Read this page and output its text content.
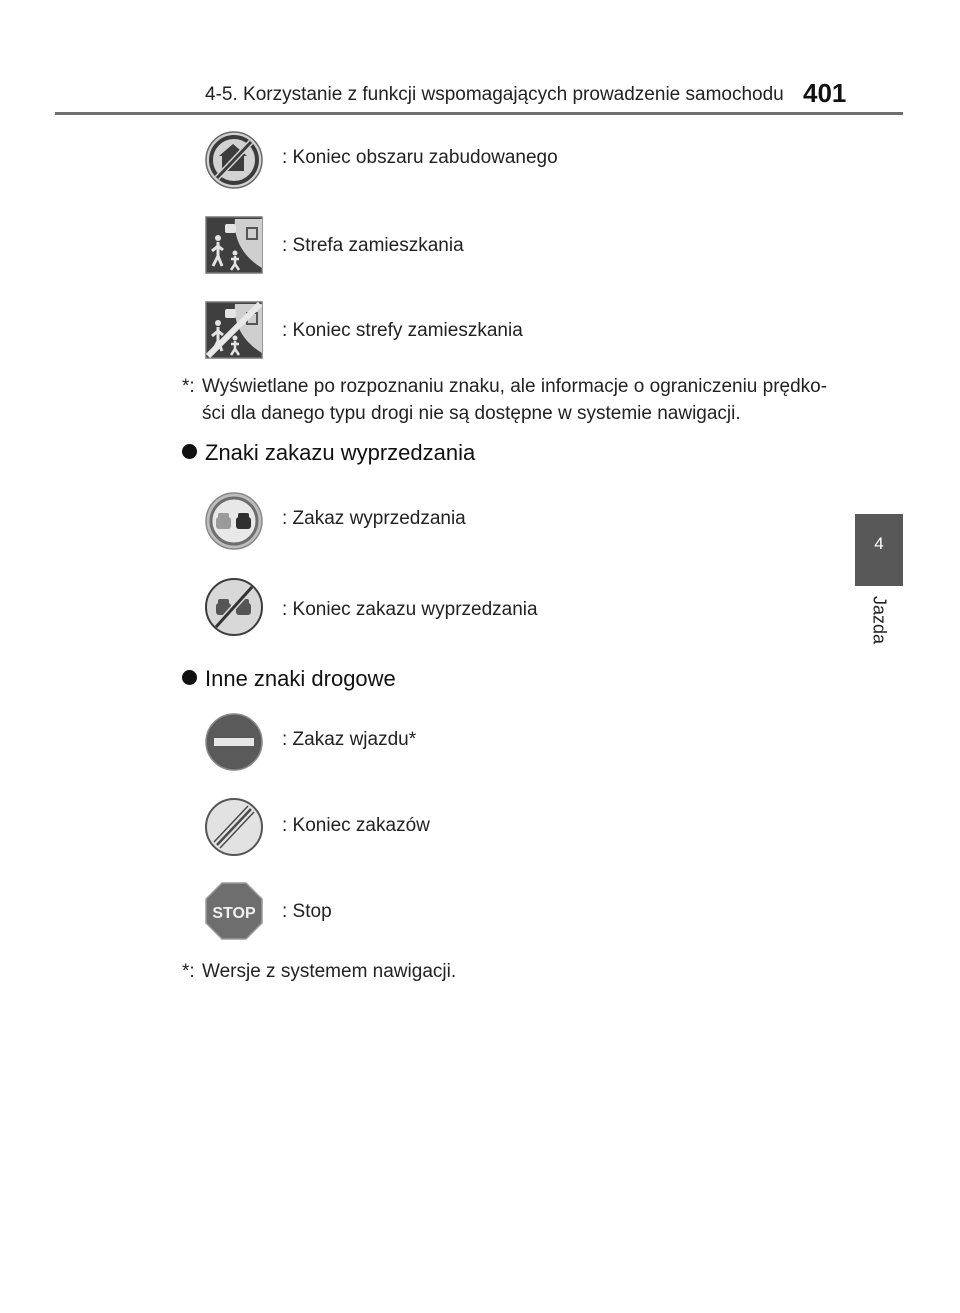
4-5. Korzystanie z funkcji wspomagających prowadzenie samochodu 401
4
Jazda
: Koniec obszaru zabudowanego
: Strefa zamieszkania
: Koniec strefy zamieszkania
*: Wyświetlane po rozpoznaniu znaku, ale informacje o ograniczeniu prędko-
ści dla danego typu drogi nie są dostępne w systemie nawigacji.
Znaki zakazu wyprzedzania
: Zakaz wyprzedzania
: Koniec zakazu wyprzedzania
Inne znaki drogowe
: Zakaz wjazdu*
: Koniec zakazów
STOP : Stop
*: Wersje z systemem nawigacji.
